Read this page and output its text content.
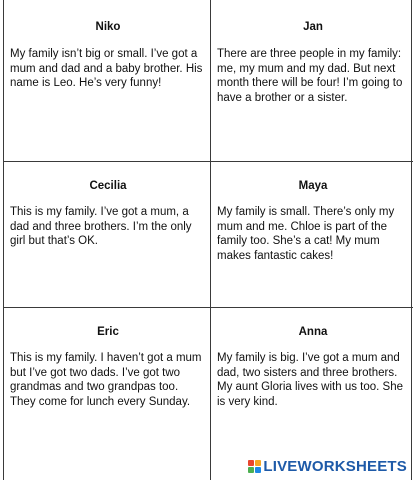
Niko
My family isn’t big or small. I’ve got a mum and dad and a baby brother. His name is Leo. He’s very funny!
Jan
There are three people in my family: me, my mum and my dad. But next month there will be four! I’m going to have a brother or a sister.
Cecilia
This is my family. I’ve got a mum, a dad and three brothers. I’m the only girl but that’s OK.
Maya
My family is small. There’s only my mum and me. Chloe is part of the family too. She’s a cat! My mum makes fantastic cakes!
Eric
This is my family. I haven’t got a mum but I’ve got two dads. I’ve got two grandmas and two grandpas too. They come for lunch every Sunday.
Anna
My family is big. I’ve got a mum and dad, two sisters and three brothers. My aunt Gloria lives with us too. She is very kind.
LIVEWORKSHEETS
